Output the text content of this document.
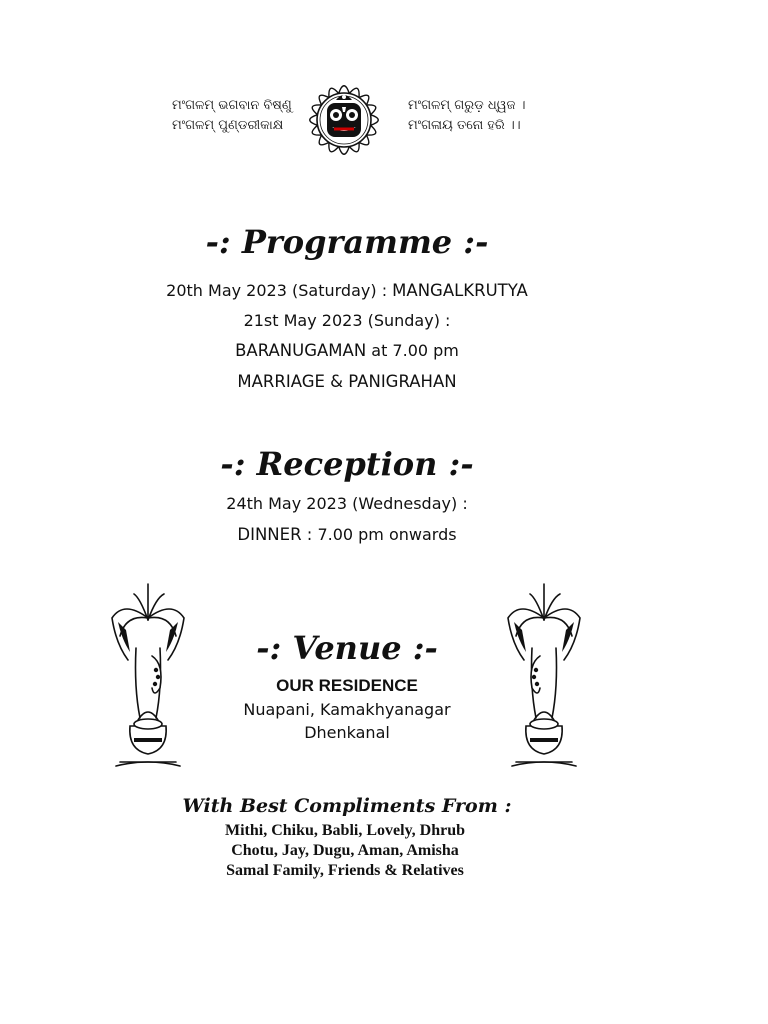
ମଂଗଳମ୍ ଭଗବାନ ବିଷ୍ଣୁ
ମଂଗଳମ୍ ପୁଣ୍ଡରୀକାକ୍ଷ
ମଂଗଳମ୍ ଗରୁଡ଼ ଧ୍ୱଜ ।
ମଂଗଳାୟ ତନୋ ହରି ।।
-: Programme :-
20th May 2023 (Saturday) : MANGALKRUTYA
21st May 2023 (Sunday) :
BARANUGAMAN at 7.00 pm
MARRIAGE & PANIGRAHAN
-: Reception :-
24th May 2023 (Wednesday) :
DINNER : 7.00 pm onwards
-: Venue :-
OUR RESIDENCE
Nuapani, Kamakhyanagar
Dhenkanal
With Best Compliments From :
Mithi, Chiku, Babli, Lovely, Dhrub
Chotu, Jay, Dugu, Aman, Amisha
Samal Family, Friends & Relatives
